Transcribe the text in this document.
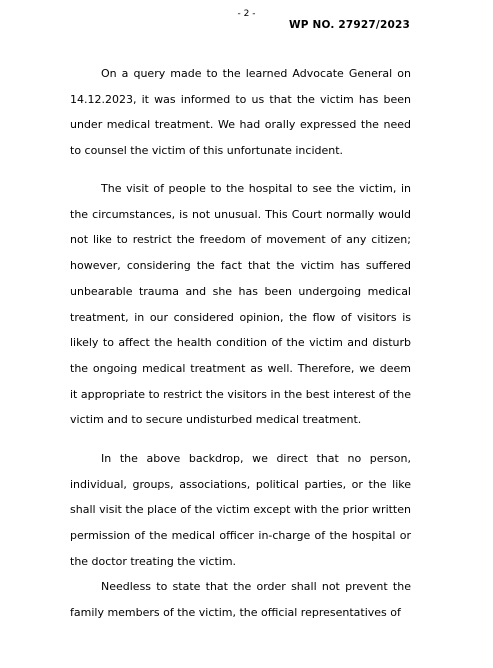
- 2 -
WP NO. 27927/2023

On a query made to the learned Advocate General on 14.12.2023, it was informed to us that the victim has been under medical treatment. We had orally expressed the need to counsel the victim of this unfortunate incident.

The visit of people to the hospital to see the victim, in the circumstances, is not unusual. This Court normally would not like to restrict the freedom of movement of any citizen; however, considering the fact that the victim has suffered unbearable trauma and she has been undergoing medical treatment, in our considered opinion, the flow of visitors is likely to affect the health condition of the victim and disturb the ongoing medical treatment as well. Therefore, we deem it appropriate to restrict the visitors in the best interest of the victim and to secure undisturbed medical treatment.

In the above backdrop, we direct that no person, individual, groups, associations, political parties, or the like shall visit the place of the victim except with the prior written permission of the medical officer in-charge of the hospital or the doctor treating the victim.

Needless to state that the order shall not prevent the family members of the victim, the official representatives of
